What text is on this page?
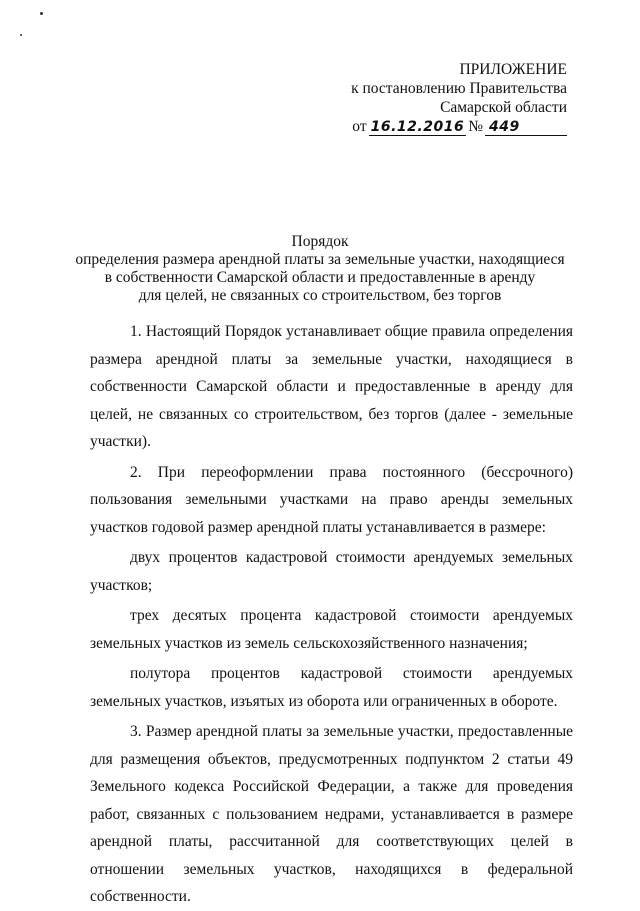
ПРИЛОЖЕНИЕ
к постановлению Правительства
Самарской области
от 16.12.2016 № 449
Порядок
определения размера арендной платы за земельные участки, находящиеся
в собственности Самарской области и предоставленные в аренду
для целей, не связанных со строительством, без торгов

1. Настоящий Порядок устанавливает общие правила определения размера арендной платы за земельные участки, находящиеся в собственности Самарской области и предоставленные в аренду для целей, не связанных со строительством, без торгов (далее - земельные участки).

2. При переоформлении права постоянного (бессрочного) пользования земельными участками на право аренды земельных участков годовой размер арендной платы устанавливается в размере:

двух процентов кадастровой стоимости арендуемых земельных участков;

трех десятых процента кадастровой стоимости арендуемых земельных участков из земель сельскохозяйственного назначения;

полутора процентов кадастровой стоимости арендуемых земельных участков, изъятых из оборота или ограниченных в обороте.

3. Размер арендной платы за земельные участки, предоставленные для размещения объектов, предусмотренных подпунктом 2 статьи 49 Земельного кодекса Российской Федерации, а также для проведения работ, связанных с пользованием недрами, устанавливается в размере арендной платы, рассчитанной для соответствующих целей в отношении земельных участков, находящихся в федеральной собственности.
